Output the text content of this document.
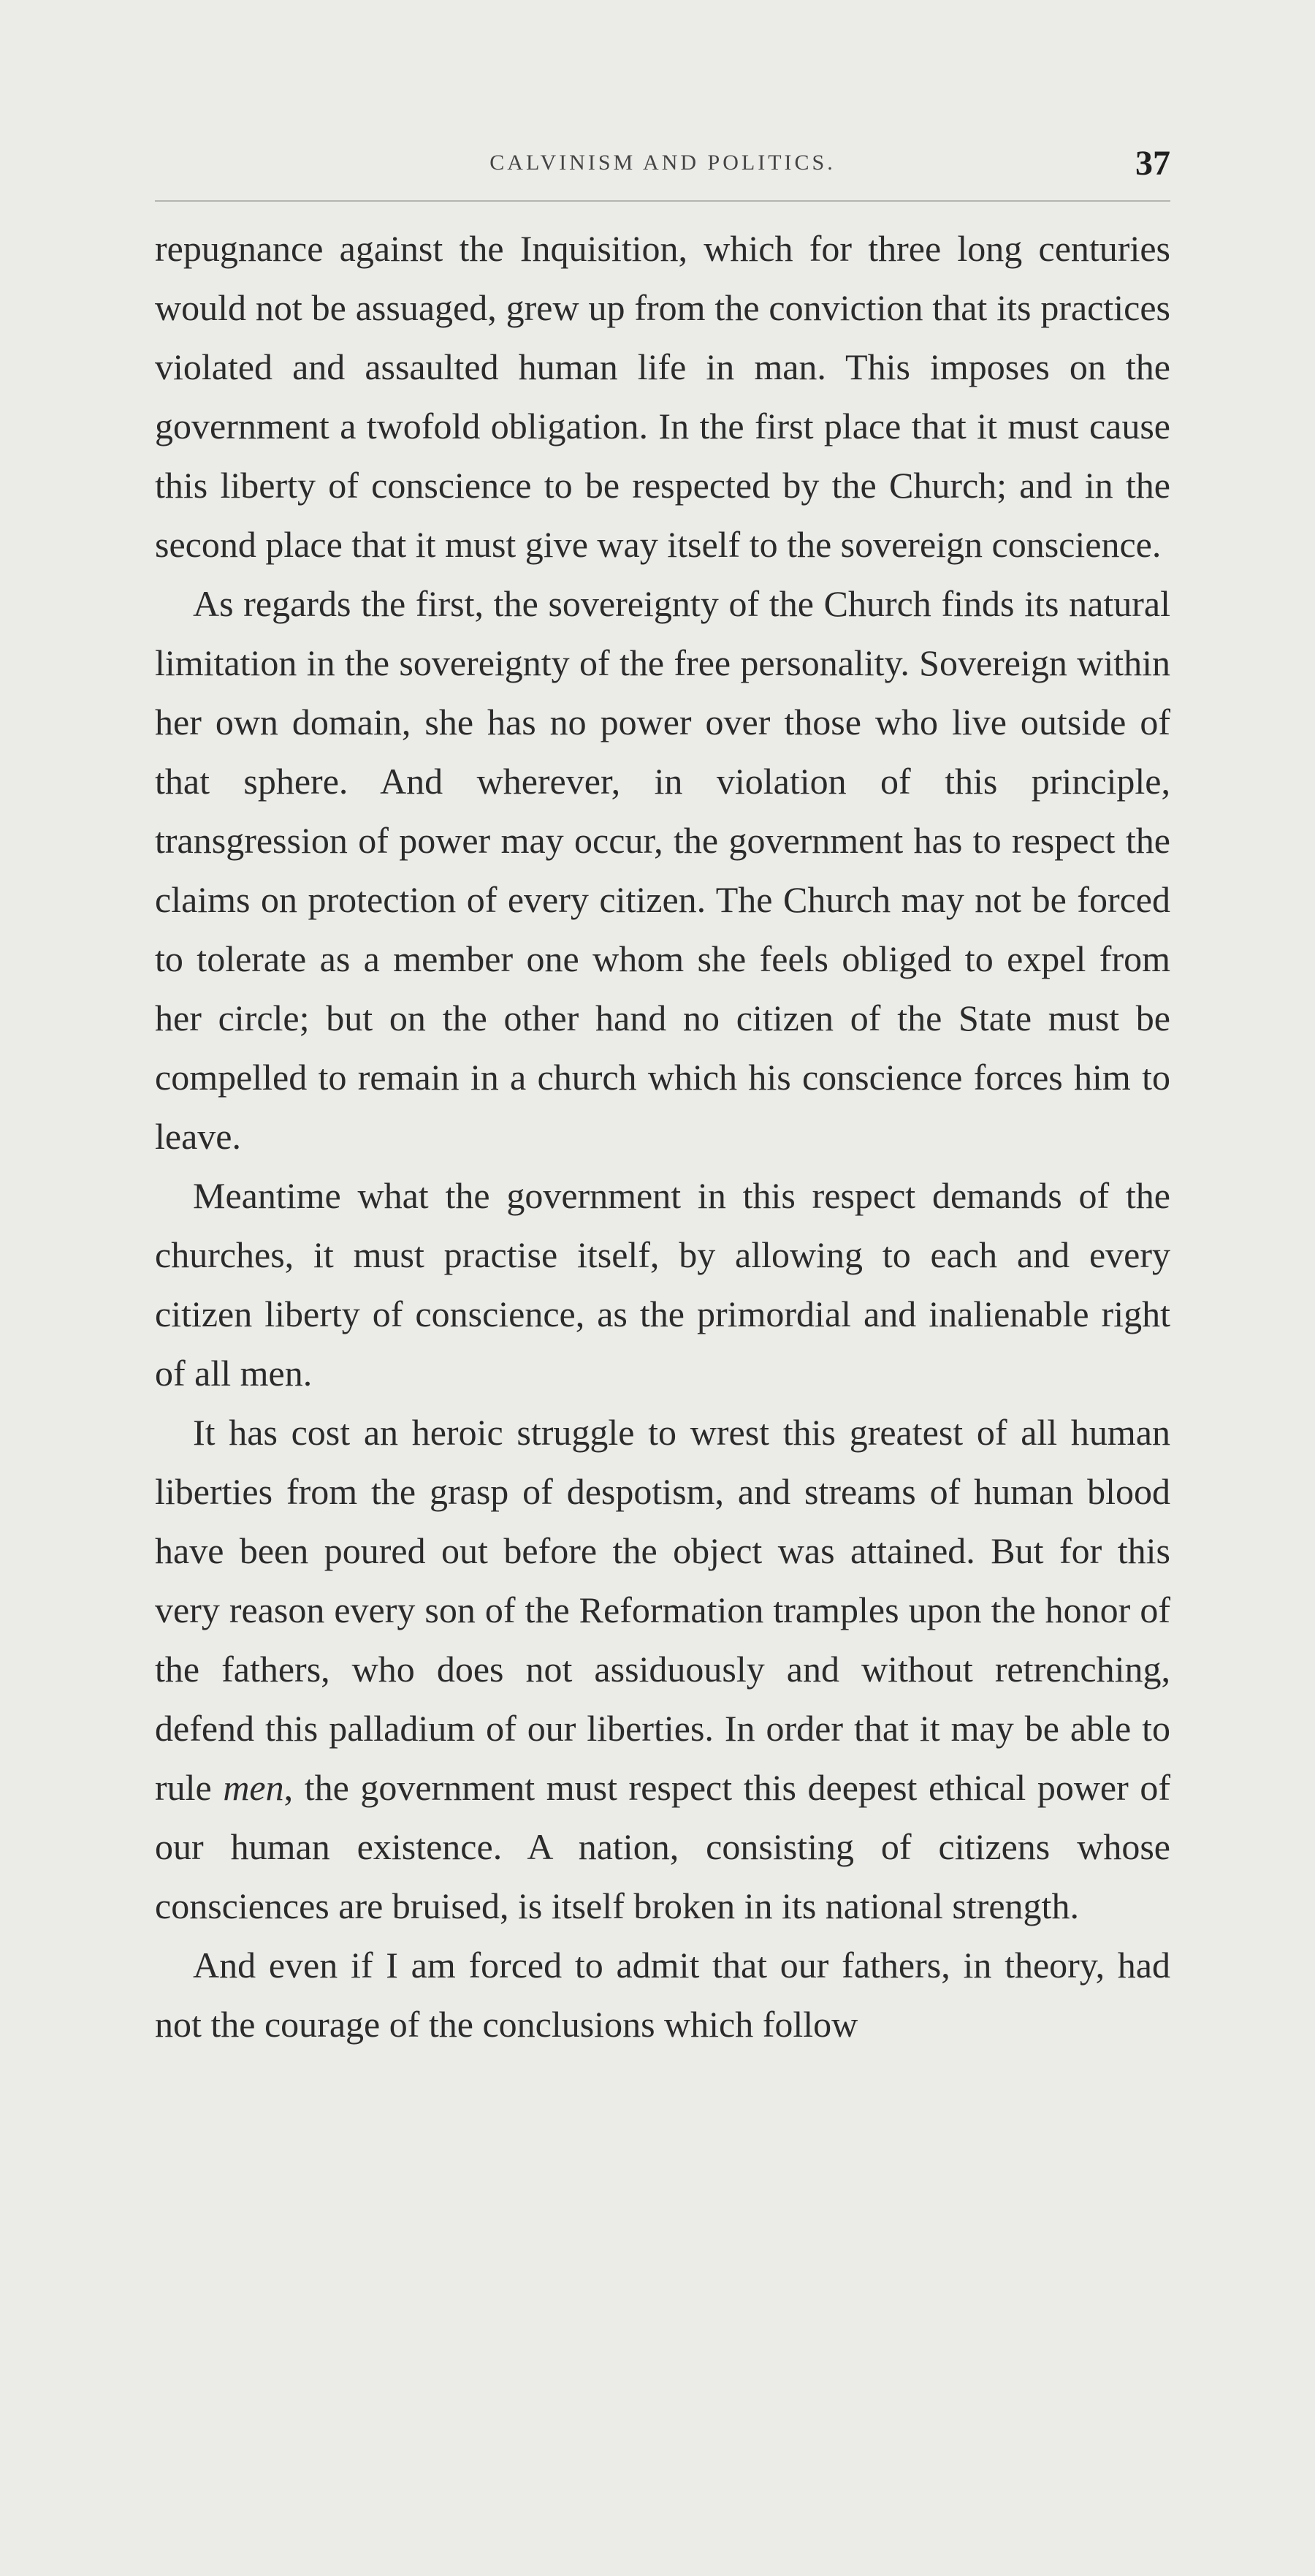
CALVINISM AND POLITICS.	37

repugnance against the Inquisition, which for three long centuries would not be assuaged, grew up from the conviction that its practices violated and assaulted human life in man. This imposes on the government a twofold obligation. In the first place that it must cause this liberty of conscience to be respected by the Church; and in the second place that it must give way itself to the sovereign conscience.

As regards the first, the sovereignty of the Church finds its natural limitation in the sovereignty of the free personality. Sovereign within her own domain, she has no power over those who live outside of that sphere. And wherever, in violation of this principle, transgression of power may occur, the government has to respect the claims on protection of every citizen. The Church may not be forced to tolerate as a member one whom she feels obliged to expel from her circle; but on the other hand no citizen of the State must be compelled to remain in a church which his conscience forces him to leave.

Meantime what the government in this respect demands of the churches, it must practise itself, by allowing to each and every citizen liberty of conscience, as the primordial and inalienable right of all men.

It has cost an heroic struggle to wrest this greatest of all human liberties from the grasp of despotism, and streams of human blood have been poured out before the object was attained. But for this very reason every son of the Reformation tramples upon the honor of the fathers, who does not assiduously and without retrenching, defend this palladium of our liberties. In order that it may be able to rule men, the government must respect this deepest ethical power of our human existence. A nation, consisting of citizens whose consciences are bruised, is itself broken in its national strength.

And even if I am forced to admit that our fathers, in theory, had not the courage of the conclusions which follow
